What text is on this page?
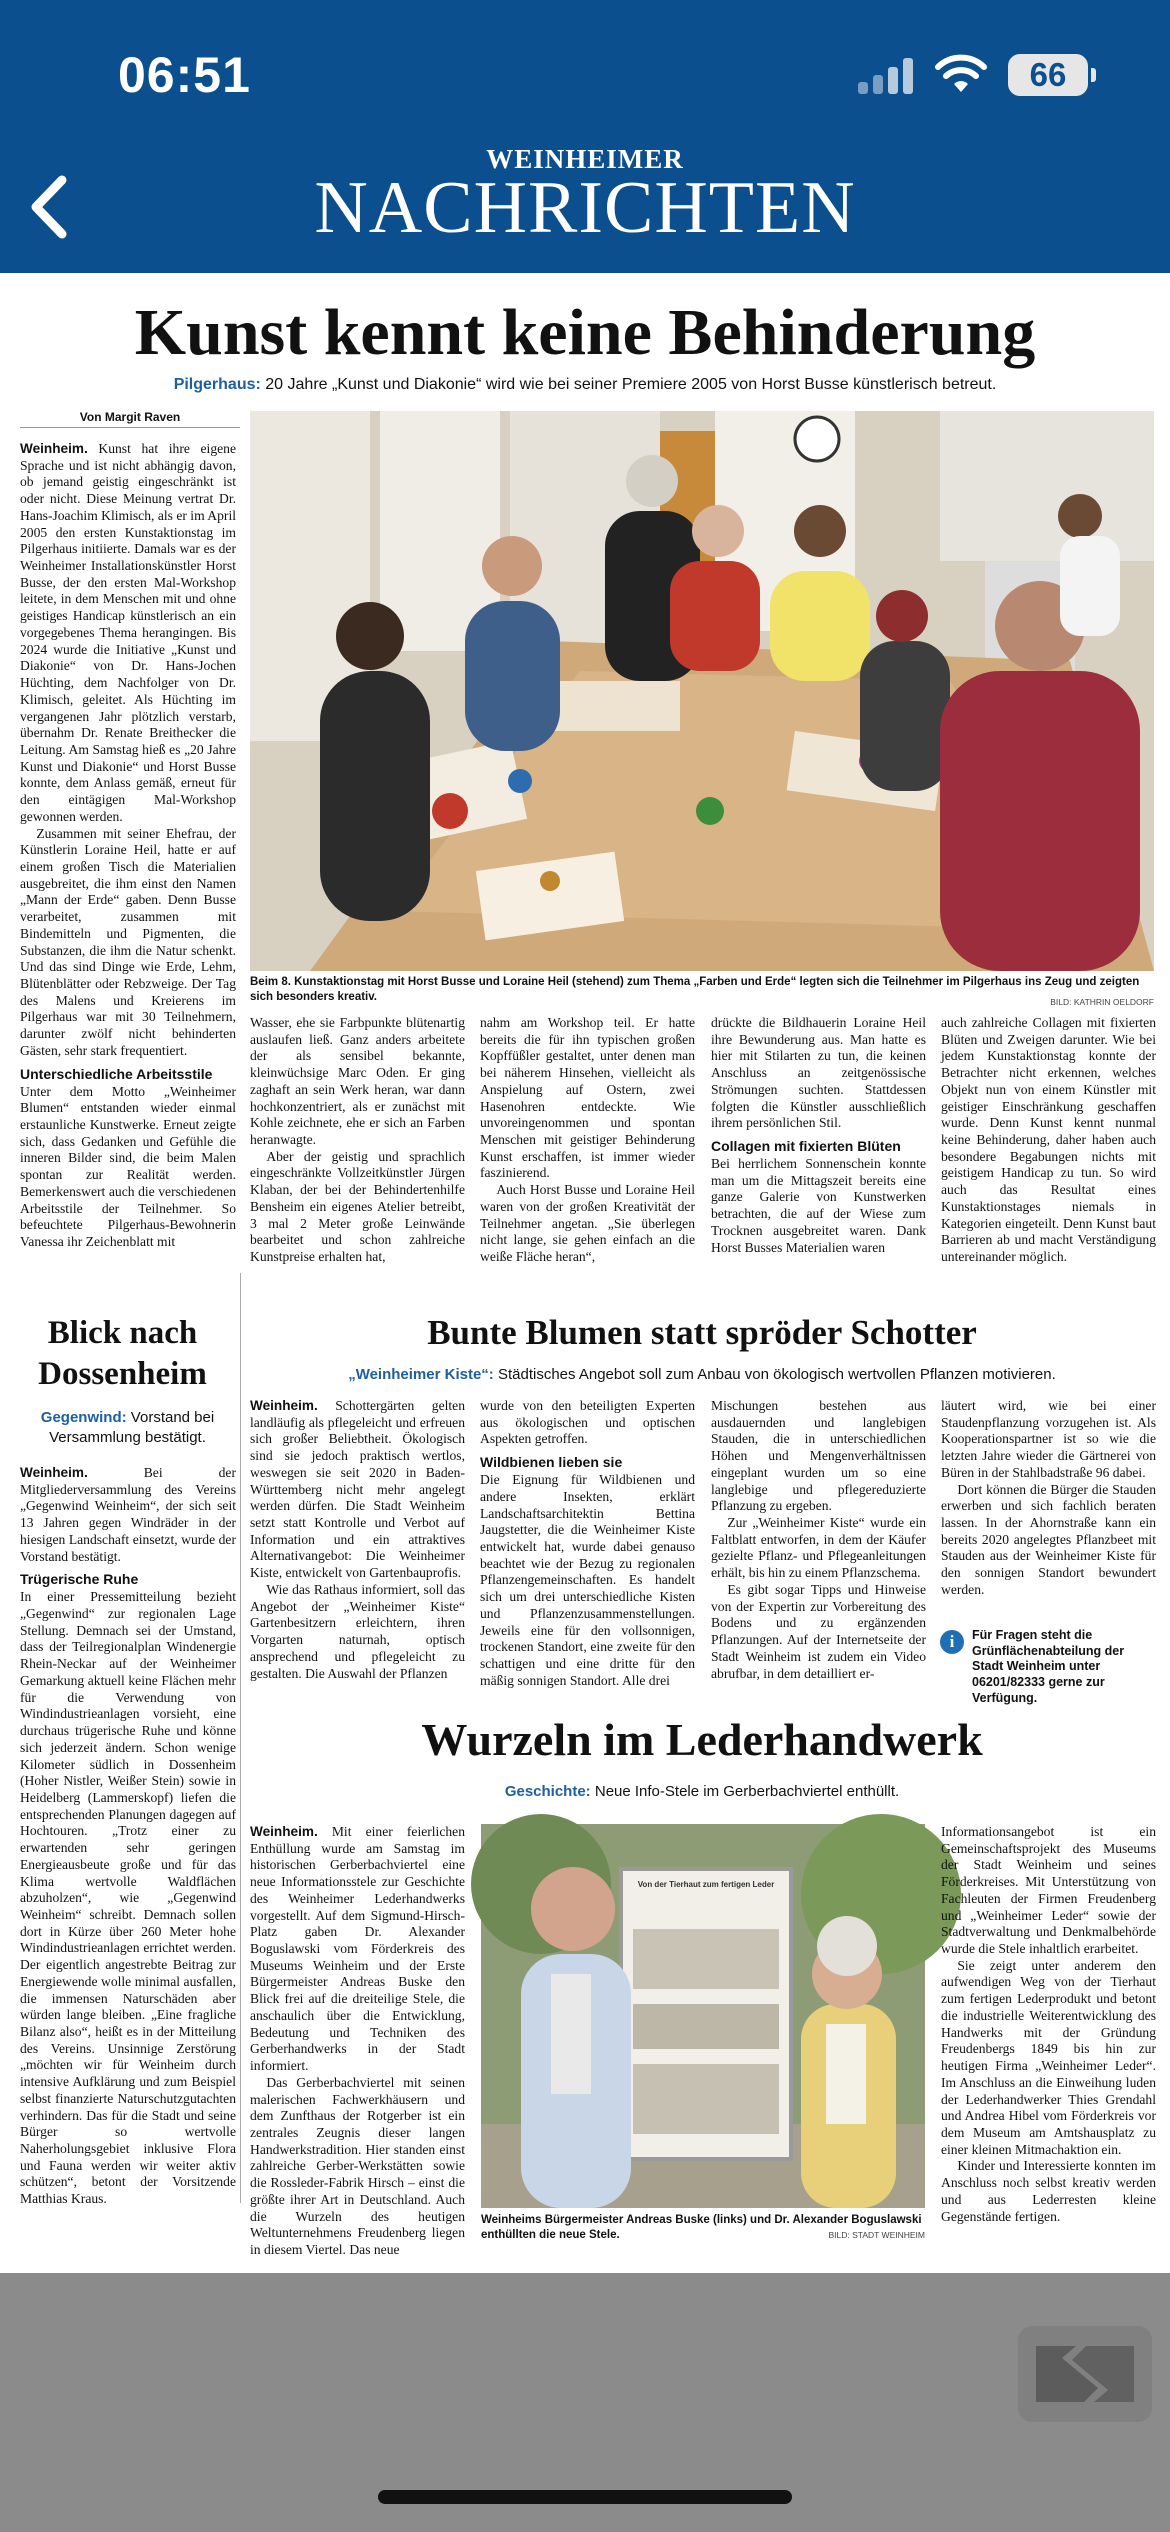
06:51	66
WEINHEIMER
NACHRICHTEN
Kunst kennt keine Behinderung
Pilgerhaus: 20 Jahre „Kunst und Diakonie“ wird wie bei seiner Premiere 2005 von Horst Busse künstlerisch betreut.
Von Margit Raven

Weinheim. Kunst hat ihre eigene Sprache und ist nicht abhängig davon, ob jemand geistig eingeschränkt ist oder nicht. Diese Meinung vertrat Dr. Hans-Joachim Klimisch, als er im April 2005 den ersten Kunstaktionstag im Pilgerhaus initiierte. Damals war es der Weinheimer Installationskünstler Horst Busse, der den ersten Mal-Workshop leitete, in dem Menschen mit und ohne geistiges Handicap künstlerisch an ein vorgegebenes Thema herangingen. Bis 2024 wurde die Initiative „Kunst und Diakonie“ von Dr. Hans-Jochen Hüchting, dem Nachfolger von Dr. Klimisch, geleitet. Als Hüchting im vergangenen Jahr plötzlich verstarb, übernahm Dr. Renate Breithecker die Leitung. Am Samstag hieß es „20 Jahre Kunst und Diakonie“ und Horst Busse konnte, dem Anlass gemäß, erneut für den eintägigen Mal-Workshop gewonnen werden.

Zusammen mit seiner Ehefrau, der Künstlerin Loraine Heil, hatte er auf einem großen Tisch die Materialien ausgebreitet, die ihm einst den Namen „Mann der Erde“ gaben. Denn Busse verarbeitet, zusammen mit Bindemitteln und Pigmenten, die Substanzen, die ihm die Natur schenkt. Und das sind Dinge wie Erde, Lehm, Blütenblätter oder Rebzweige. Der Tag des Malens und Kreierens im Pilgerhaus war mit 30 Teilnehmern, darunter zwölf nicht behinderten Gästen, sehr stark frequentiert.

Unterschiedliche Arbeitsstile

Unter dem Motto „Weinheimer Blumen“ entstanden wieder einmal erstaunliche Kunstwerke. Erneut zeigte sich, dass Gedanken und Gefühle die inneren Bilder sind, die beim Malen spontan zur Realität werden. Bemerkenswert auch die verschiedenen Arbeitsstile der Teilnehmer. So befeuchtete Pilgerhaus-Bewohnerin Vanessa ihr Zeichenblatt mit

Beim 8. Kunstaktionstag mit Horst Busse und Loraine Heil (stehend) zum Thema „Farben und Erde“ legten sich die Teilnehmer im Pilgerhaus ins Zeug und zeigten sich besonders kreativ.	BILD: KATHRIN OELDORF

Wasser, ehe sie Farbpunkte blütenartig auslaufen ließ. Ganz anders arbeitete der als sensibel bekannte, kleinwüchsige Marc Oden. Er ging zaghaft an sein Werk heran, war dann hochkonzentriert, als er zunächst mit Kohle zeichnete, ehe er sich an Farben heranwagte.

Aber der geistig und sprachlich eingeschränkte Vollzeitkünstler Jürgen Klaban, der bei der Behindertenhilfe Bensheim ein eigenes Atelier betreibt, 3 mal 2 Meter große Leinwände bearbeitet und schon zahlreiche Kunstpreise erhalten hat,

nahm am Workshop teil. Er hatte bereits die für ihn typischen großen Kopffüßler gestaltet, unter denen man bei näherem Hinsehen, vielleicht als Anspielung auf Ostern, zwei Hasenohren entdeckte. Wie unvoreingenommen und spontan Menschen mit geistiger Behinderung Kunst erschaffen, ist immer wieder faszinierend.

Auch Horst Busse und Loraine Heil waren von der großen Kreativität der Teilnehmer angetan. „Sie überlegen nicht lange, sie gehen einfach an die weiße Fläche heran“,

drückte die Bildhauerin Loraine Heil ihre Bewunderung aus. Man hatte es hier mit Stilarten zu tun, die keinen Anschluss an zeitgenössische Strömungen suchten. Stattdessen folgten die Künstler ausschließlich ihrem persönlichen Stil.

Collagen mit fixierten Blüten

Bei herrlichem Sonnenschein konnte man um die Mittagszeit bereits eine ganze Galerie von Kunstwerken betrachten, die auf der Wiese zum Trocknen ausgebreitet waren. Dank Horst Busses Materialien waren

auch zahlreiche Collagen mit fixierten Blüten und Zweigen darunter. Wie bei jedem Kunstaktionstag konnte der Betrachter nicht erkennen, welches Objekt nun von einem Künstler mit geistiger Einschränkung geschaffen wurde. Denn Kunst kennt nunmal keine Behinderung, daher haben auch besondere Begabungen nichts mit geistigem Handicap zu tun. So wird auch das Resultat eines Kunstaktionstages niemals in Kategorien eingeteilt. Denn Kunst baut Barrieren ab und macht Verständigung untereinander möglich.

Blick nach
Dossenheim
Gegenwind: Vorstand bei Versammlung bestätigt.

Weinheim. Bei der Mitgliederversammlung des Vereins „Gegenwind Weinheim“, der sich seit 13 Jahren gegen Windräder in der hiesigen Landschaft einsetzt, wurde der Vorstand bestätigt.

Trügerische Ruhe

In einer Pressemitteilung bezieht „Gegenwind“ zur regionalen Lage Stellung. Demnach sei der Umstand, dass der Teilregionalplan Windenergie Rhein-Neckar auf der Weinheimer Gemarkung aktuell keine Flächen mehr für die Verwendung von Windindustrieanlagen vorsieht, eine durchaus trügerische Ruhe und könne sich jederzeit ändern. Schon wenige Kilometer südlich in Dossenheim (Hoher Nistler, Weißer Stein) sowie in Heidelberg (Lammerskopf) liefen die entsprechenden Planungen dagegen auf Hochtouren. „Trotz einer zu erwartenden sehr geringen Energieausbeute große und für das Klima wertvolle Waldflächen abzuholzen“, wie „Gegenwind Weinheim“ schreibt. Demnach sollen dort in Kürze über 260 Meter hohe Windindustrieanlagen errichtet werden. Der eigentlich angestrebte Beitrag zur Energiewende wolle minimal ausfallen, die immensen Naturschäden aber würden lange bleiben. „Eine fragliche Bilanz also“, heißt es in der Mitteilung des Vereins. Unsinnige Zerstörung „möchten wir für Weinheim durch intensive Aufklärung und zum Beispiel selbst finanzierte Naturschutzgutachten verhindern. Das für die Stadt und seine Bürger so wertvolle Naherholungsgebiet inklusive Flora und Fauna werden wir weiter aktiv schützen“, betont der Vorsitzende Matthias Kraus.

Bunte Blumen statt spröder Schotter
„Weinheimer Kiste“: Städtisches Angebot soll zum Anbau von ökologisch wertvollen Pflanzen motivieren.

Weinheim. Schottergärten gelten landläufig als pflegeleicht und erfreuen sich großer Beliebtheit. Ökologisch sind sie jedoch praktisch wertlos, weswegen sie seit 2020 in Baden-Württemberg nicht mehr angelegt werden dürfen. Die Stadt Weinheim setzt statt Kontrolle und Verbot auf Information und ein attraktives Alternativangebot: Die Weinheimer Kiste, entwickelt von Gartenbauprofis.

Wie das Rathaus informiert, soll das Angebot der „Weinheimer Kiste“ Gartenbesitzern erleichtern, ihren Vorgarten naturnah, optisch ansprechend und pflegeleicht zu gestalten. Die Auswahl der Pflanzen

wurde von den beteiligten Experten aus ökologischen und optischen Aspekten getroffen.

Wildbienen lieben sie

Die Eignung für Wildbienen und andere Insekten, erklärt Landschaftsarchitektin Bettina Jaugstetter, die die Weinheimer Kiste entwickelt hat, wurde dabei genauso beachtet wie der Bezug zu regionalen Pflanzengemeinschaften. Es handelt sich um drei unterschiedliche Kisten und Pflanzenzusammenstellungen. Jeweils eine für den vollsonnigen, trockenen Standort, eine zweite für den schattigen und eine dritte für den mäßig sonnigen Standort. Alle drei

Mischungen bestehen aus ausdauernden und langlebigen Stauden, die in unterschiedlichen Höhen und Mengenverhältnissen eingeplant wurden um so eine langlebige und pflegereduzierte Pflanzung zu ergeben.

Zur „Weinheimer Kiste“ wurde ein Faltblatt entworfen, in dem der Käufer gezielte Pflanz- und Pflegeanleitungen erhält, bis hin zu einem Pflanzschema.

Es gibt sogar Tipps und Hinweise von der Expertin zur Vorbereitung des Bodens und zu ergänzenden Pflanzungen. Auf der Internetseite der Stadt Weinheim ist zudem ein Video abrufbar, in dem detailliert er-

läutert wird, wie bei einer Staudenpflanzung vorzugehen ist. Als Kooperationspartner ist so wie die letzten Jahre wieder die Gärtnerei von Büren in der Stahlbadstraße 96 dabei.

Dort können die Bürger die Stauden erwerben und sich fachlich beraten lassen. In der Ahornstraße kann ein bereits 2020 angelegtes Pflanzbeet mit Stauden aus der Weinheimer Kiste für den sonnigen Standort bewundert werden.

i	Für Fragen steht die Grünflächenabteilung der Stadt Weinheim unter 06201/82333 gerne zur Verfügung.
Wurzeln im Lederhandwerk
Geschichte: Neue Info-Stele im Gerberbachviertel enthüllt.

Weinheim. Mit einer feierlichen Enthüllung wurde am Samstag im historischen Gerberbachviertel eine neue Informationsstele zur Geschichte des Weinheimer Lederhandwerks vorgestellt. Auf dem Sigmund-Hirsch-Platz gaben Dr. Alexander Boguslawski vom Förderkreis des Museums Weinheim und der Erste Bürgermeister Andreas Buske den Blick frei auf die dreiteilige Stele, die anschaulich über die Entwicklung, Bedeutung und Techniken des Gerberhandwerks in der Stadt informiert.

Das Gerberbachviertel mit seinen malerischen Fachwerkhäusern und dem Zunfthaus der Rotgerber ist ein zentrales Zeugnis dieser langen Handwerkstradition. Hier standen einst zahlreiche Gerber-Werkstätten sowie die Rossleder-Fabrik Hirsch – einst die größte ihrer Art in Deutschland. Auch die Wurzeln des heutigen Weltunternehmens Freudenberg liegen in diesem Viertel. Das neue

Von der Tierhaut zum fertigen Leder
Weinheims Bürgermeister Andreas Buske (links) und Dr. Alexander Boguslawski enthüllten die neue Stele.	BILD: STADT WEINHEIM

Informationsangebot ist ein Gemeinschaftsprojekt des Museums der Stadt Weinheim und seines Förderkreises. Mit Unterstützung von Fachleuten der Firmen Freudenberg und „Weinheimer Leder“ sowie der Stadtverwaltung und Denkmalbehörde wurde die Stele inhaltlich erarbeitet.

Sie zeigt unter anderem den aufwendigen Weg von der Tierhaut zum fertigen Lederprodukt und betont die industrielle Weiterentwicklung des Handwerks mit der Gründung Freudenbergs 1849 bis hin zur heutigen Firma „Weinheimer Leder“. Im Anschluss an die Einweihung luden der Lederhandwerker Thies Grendahl und Andrea Hibel vom Förderkreis vor dem Museum am Amtshausplatz zu einer kleinen Mitmachaktion ein.

Kinder und Interessierte konnten im Anschluss noch selbst kreativ werden und aus Lederresten kleine Gegenstände fertigen.
